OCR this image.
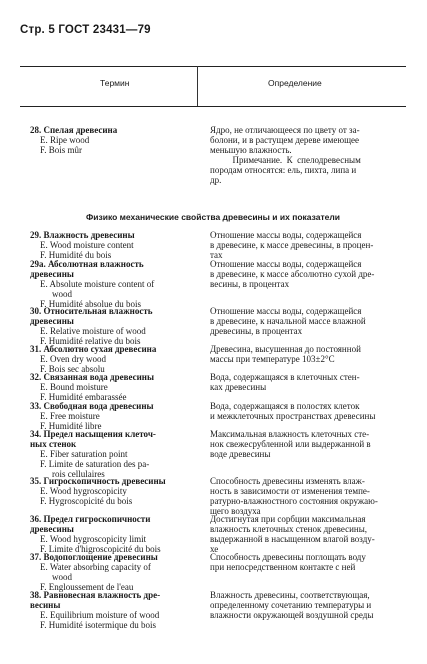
Стр. 5 ГОСТ 23431—79
Термин	Определение
28. Спелая древесина
E. Ripe wood
F. Bois mûr
Ядро, не отличающееся по цвету от за-
болони, и в растущем дереве имеющее
меньшую влажность.
Примечание.  К  спелодревесным
породам относятся: ель, пихта, липа и
др.
Физико механические свойства древесины и их показатели
29. Влажность древесины
E. Wood moisture content
F. Humidité du bois
Отношение массы воды, содержащейся
в древесине, к массе древесины, в процен-
тах
29а. Абсолютная влажность
древесины
E. Absolute moisture content of
wood
F. Humidité absolue du bois
Отношение массы воды, содержащейся
в древесине, к массе абсолютно сухой дре-
весины, в процентах
30. Относительная влажность
древесины
E. Relative moisture of wood
F. Humidité relative du bois
Отношение массы воды, содержащейся
в древесине, к начальной массе влажной
древесины, в процентах
31. Абсолютно сухая древесина
E. Oven dry wood
F. Bois sec absolu
Древесина, высушенная до постоянной
массы при температуре 103±2°С
32. Связанная вода древесины
E. Bound moisture
F. Humidité embarassée
Вода, содержащаяся в клеточных стен-
ках древесины
33. Свободная вода древесины
E. Free moisture
F. Humidité libre
Вода, содержащаяся в полостях клеток
и межклеточных пространствах древесины
34. Предел насыщения клеточ-
ных стенок
E. Fiber saturation point
F. Limite de saturation des pa-
rois cellulaires
Максимальная влажность клеточных сте-
нок свежесрубленной или выдержанной в
воде древесины
35. Гигроскопичность древесины
E. Wood hygroscopicity
F. Hygroscopicité du bois
Способность древесины изменять влаж-
ность в зависимости от изменения темпе-
ратурно-влажностного состояния окружаю-
щего воздуха
36. Предел гигроскопичности
древесины
E. Wood hygroscopicity limit
F. Limite d'higroscopicité du bois
Достигнутая при сорбции максимальная
влажность клеточных стенок древесины,
выдержанной в насыщенном влагой возду-
хе
37. Водопоглощение древесины
E. Water absorbing capacity of
wood
F. Engloussement de l'eau
Способность древесины поглощать воду
при непосредственном контакте с ней
38. Равновесная влажность дре-
весины
E. Equilibrium moisture of wood
F. Humidité isotermique du bois
Влажность древесины, соответствующая,
определенному сочетанию температуры и
влажности окружающей воздушной среды
